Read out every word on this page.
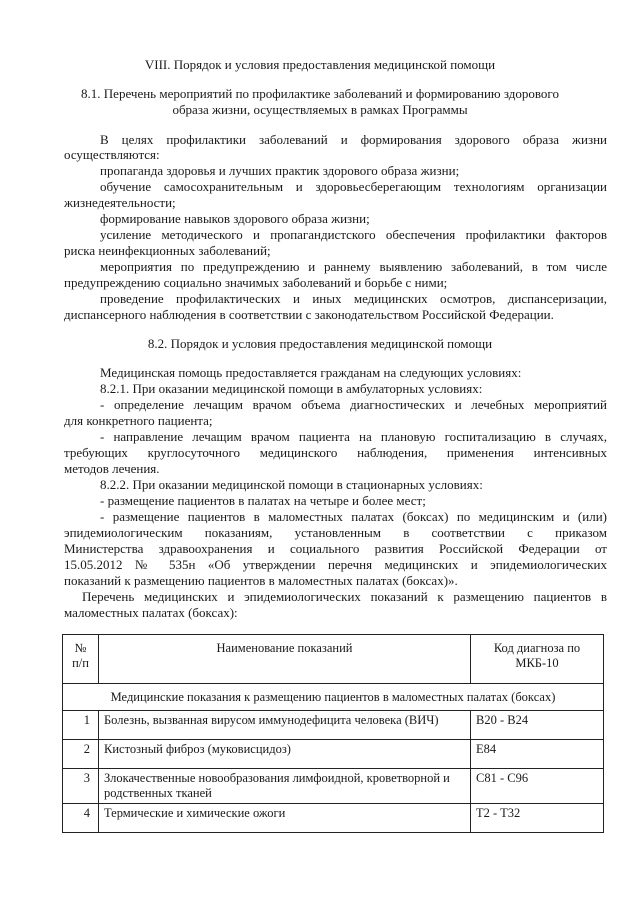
VIII. Порядок и условия предоставления медицинской помощи
8.1. Перечень мероприятий по профилактике заболеваний и формированию здорового
образа жизни, осуществляемых в рамках Программы
В целях профилактики заболеваний и формирования здорового образа жизни
осуществляются:
пропаганда здоровья и лучших практик здорового образа жизни;
обучение самосохранительным и здоровьесберегающим технологиям организации
жизнедеятельности;
формирование навыков здорового образа жизни;
усиление методического и пропагандистского обеспечения профилактики факторов
риска неинфекционных заболеваний;
мероприятия по предупреждению и раннему выявлению заболеваний, в том числе
предупреждению социально значимых заболеваний и борьбе с ними;
проведение профилактических и иных медицинских осмотров, диспансеризации,
диспансерного наблюдения в соответствии с законодательством Российской Федерации.
8.2. Порядок и условия предоставления медицинской помощи
Медицинская помощь предоставляется гражданам на следующих условиях:
8.2.1. При оказании медицинской помощи в амбулаторных условиях:
- определение лечащим врачом объема диагностических и лечебных мероприятий
для конкретного пациента;
- направление лечащим врачом пациента на плановую госпитализацию в случаях,
требующих круглосуточного медицинского наблюдения, применения интенсивных
методов лечения.
8.2.2. При оказании медицинской помощи в стационарных условиях:
- размещение пациентов в палатах на четыре и более мест;
- размещение пациентов в маломестных палатах (боксах) по медицинским и (или)
эпидемиологическим показаниям, установленным в соответствии с приказом
Министерства здравоохранения и социального развития Российской Федерации от
15.05.2012 № 535н «Об утверждении перечня медицинских и эпидемиологических
показаний к размещению пациентов в маломестных палатах (боксах)».
Перечень медицинских и эпидемиологических показаний к размещению пациентов в
маломестных палатах (боксах):
№ п/п	Наименование показаний	Код диагноза по МКБ-10
Медицинские показания к размещению пациентов в маломестных палатах (боксах)		
1	Болезнь, вызванная вирусом иммунодефицита человека (ВИЧ)	B20 - B24
2	Кистозный фиброз (муковисцидоз)	E84
3	Злокачественные новообразования лимфоидной, кроветворной и родственных тканей	C81 - C96
4	Термические и химические ожоги	T2 - T32
